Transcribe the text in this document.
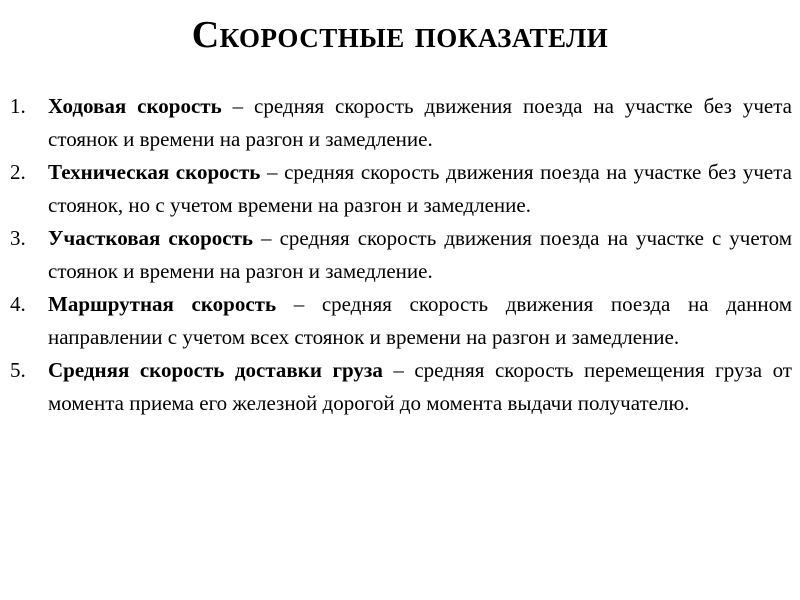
Скоростные показатели
1. Ходовая скорость – средняя скорость движения поезда на участке без учета стоянок и времени на разгон и замедление.
2. Техническая скорость – средняя скорость движения поезда на участке без учета стоянок, но с учетом времени на разгон и замедление.
3. Участковая скорость – средняя скорость движения поезда на участке с учетом стоянок и времени на разгон и замедление.
4. Маршрутная скорость – средняя скорость движения поезда на данном направлении с учетом всех стоянок и времени на разгон и замедление.
5. Средняя скорость доставки груза – средняя скорость перемещения груза от момента приема его железной дорогой до момента выдачи получателю.
